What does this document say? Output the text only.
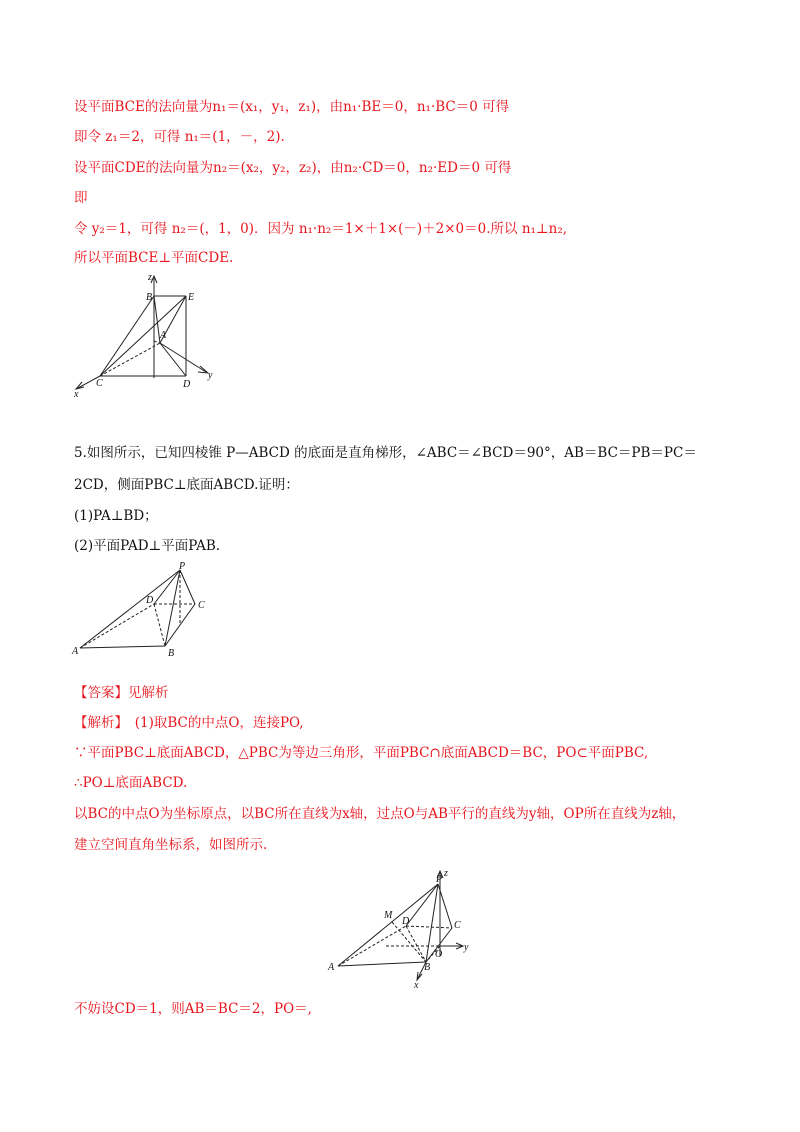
设平面BCE的法向量为n₁＝(x₁，y₁，z₁)，由n₁·BE＝0，n₁·BC＝0 可得
即令 z₁＝2，可得 n₁＝(1，－，2).
设平面CDE的法向量为n₂＝(x₂，y₂，z₂)，由n₂·CD＝0，n₂·ED＝0 可得
即
令 y₂＝1，可得 n₂＝(，1，0)．因为 n₁·n₂＝1×＋1×(－)＋2×0＝0.所以 n₁⊥n₂,
所以平面BCE⊥平面CDE.
z
B	E
A
C	D
y
x
5.如图所示，已知四棱锥 P—ABCD 的底面是直角梯形，∠ABC＝∠BCD＝90°，AB＝BC＝PB＝PC＝
2CD，侧面PBC⊥底面ABCD.证明：
(1)PA⊥BD；
(2)平面PAD⊥平面PAB.
P
D	C
A	B
【答案】见解析
【解析】　(1)取BC的中点O，连接PO,
∵平面PBC⊥底面ABCD，△PBC为等边三角形，平面PBC∩底面ABCD＝BC，PO⊂平面PBC,
∴PO⊥底面ABCD.
以BC的中点O为坐标原点，以BC所在直线为x轴，过点O与AB平行的直线为y轴，OP所在直线为z轴，
建立空间直角坐标系，如图所示.
z
P
M
D	C
A
O
y
B
x
不妨设CD＝1，则AB＝BC＝2，PO＝,
